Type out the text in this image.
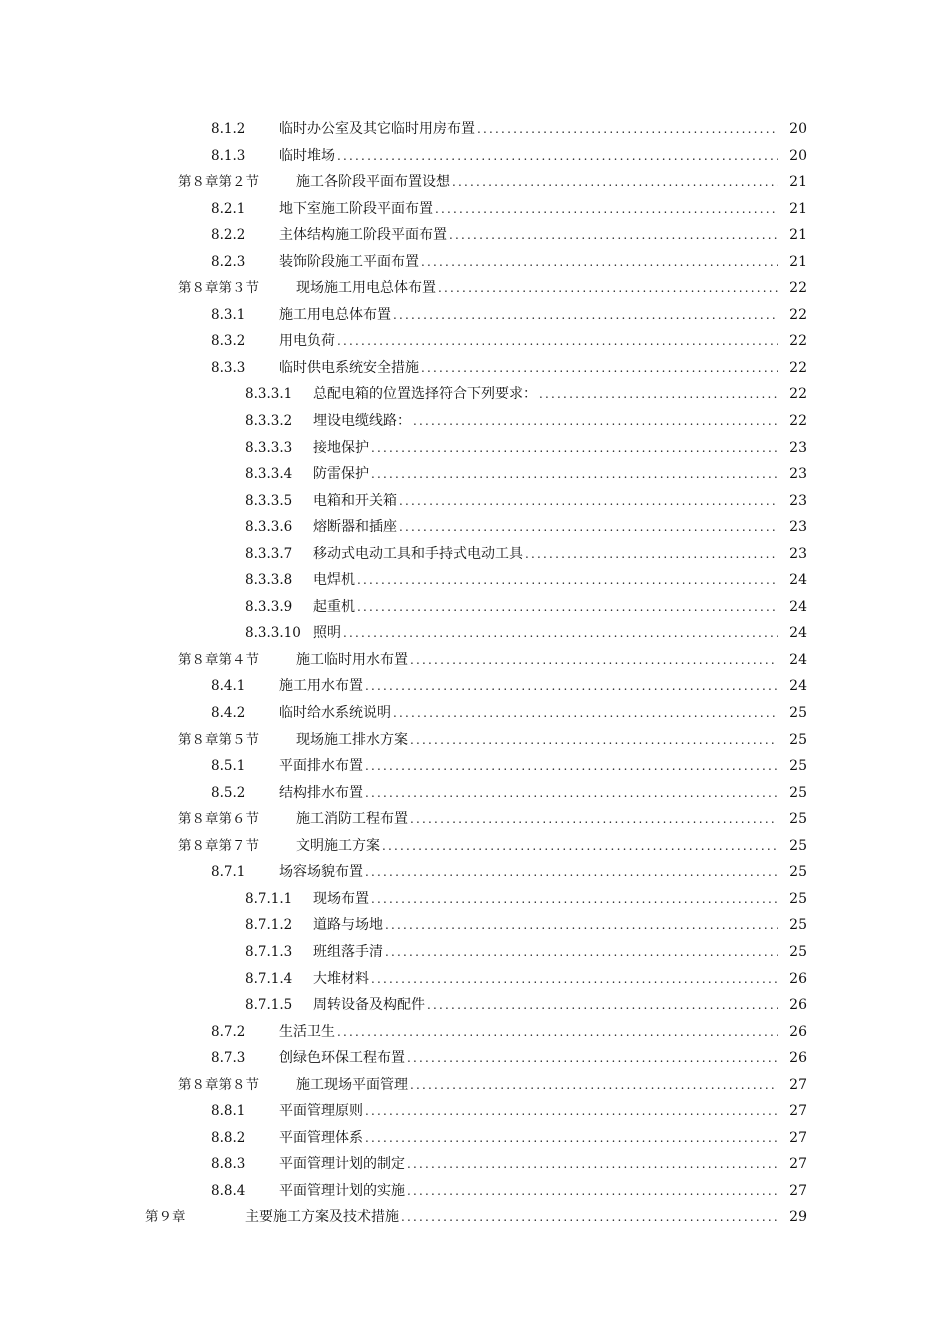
8.1.2	临时办公室及其它临时用房布置 .....	20
8.1.3	临时堆场 .....	20
第８章第２节	施工各阶段平面布置设想 .....	21
8.2.1	地下室施工阶段平面布置 .....	21
8.2.2	主体结构施工阶段平面布置 .....	21
8.2.3	装饰阶段施工平面布置 .....	21
第８章第３节	现场施工用电总体布置 .....	22
8.3.1	施工用电总体布置 .....	22
8.3.2	用电负荷 .....	22
8.3.3	临时供电系统安全措施 .....	22
8.3.3.1	总配电箱的位置选择符合下列要求： .....	22
8.3.3.2	埋设电缆线路： .....	22
8.3.3.3	接地保护 .....	23
8.3.3.4	防雷保护 .....	23
8.3.3.5	电箱和开关箱 .....	23
8.3.3.6	熔断器和插座 .....	23
8.3.3.7	移动式电动工具和手持式电动工具 .....	23
8.3.3.8	电焊机 .....	24
8.3.3.9	起重机 .....	24
8.3.3.10 照明 .....	24
第８章第４节	施工临时用水布置 .....	24
8.4.1	施工用水布置 .....	24
8.4.2	临时给水系统说明 .....	25
第８章第５节	现场施工排水方案 .....	25
8.5.1	平面排水布置 .....	25
8.5.2	结构排水布置 .....	25
第８章第６节	施工消防工程布置 .....	25
第８章第７节	文明施工方案 .....	25
8.7.1	场容场貌布置 .....	25
8.7.1.1	现场布置 .....	25
8.7.1.2	道路与场地 .....	25
8.7.1.3	班组落手清 .....	25
8.7.1.4	大堆材料 .....	26
8.7.1.5	周转设备及构配件 .....	26
8.7.2	生活卫生 .....	26
8.7.3	创绿色环保工程布置 .....	26
第８章第８节	施工现场平面管理 .....	27
8.8.1	平面管理原则 .....	27
8.8.2	平面管理体系 .....	27
8.8.3	平面管理计划的制定 .....	27
8.8.4	平面管理计划的实施 .....	27
第９章	主要施工方案及技术措施 .....	29
